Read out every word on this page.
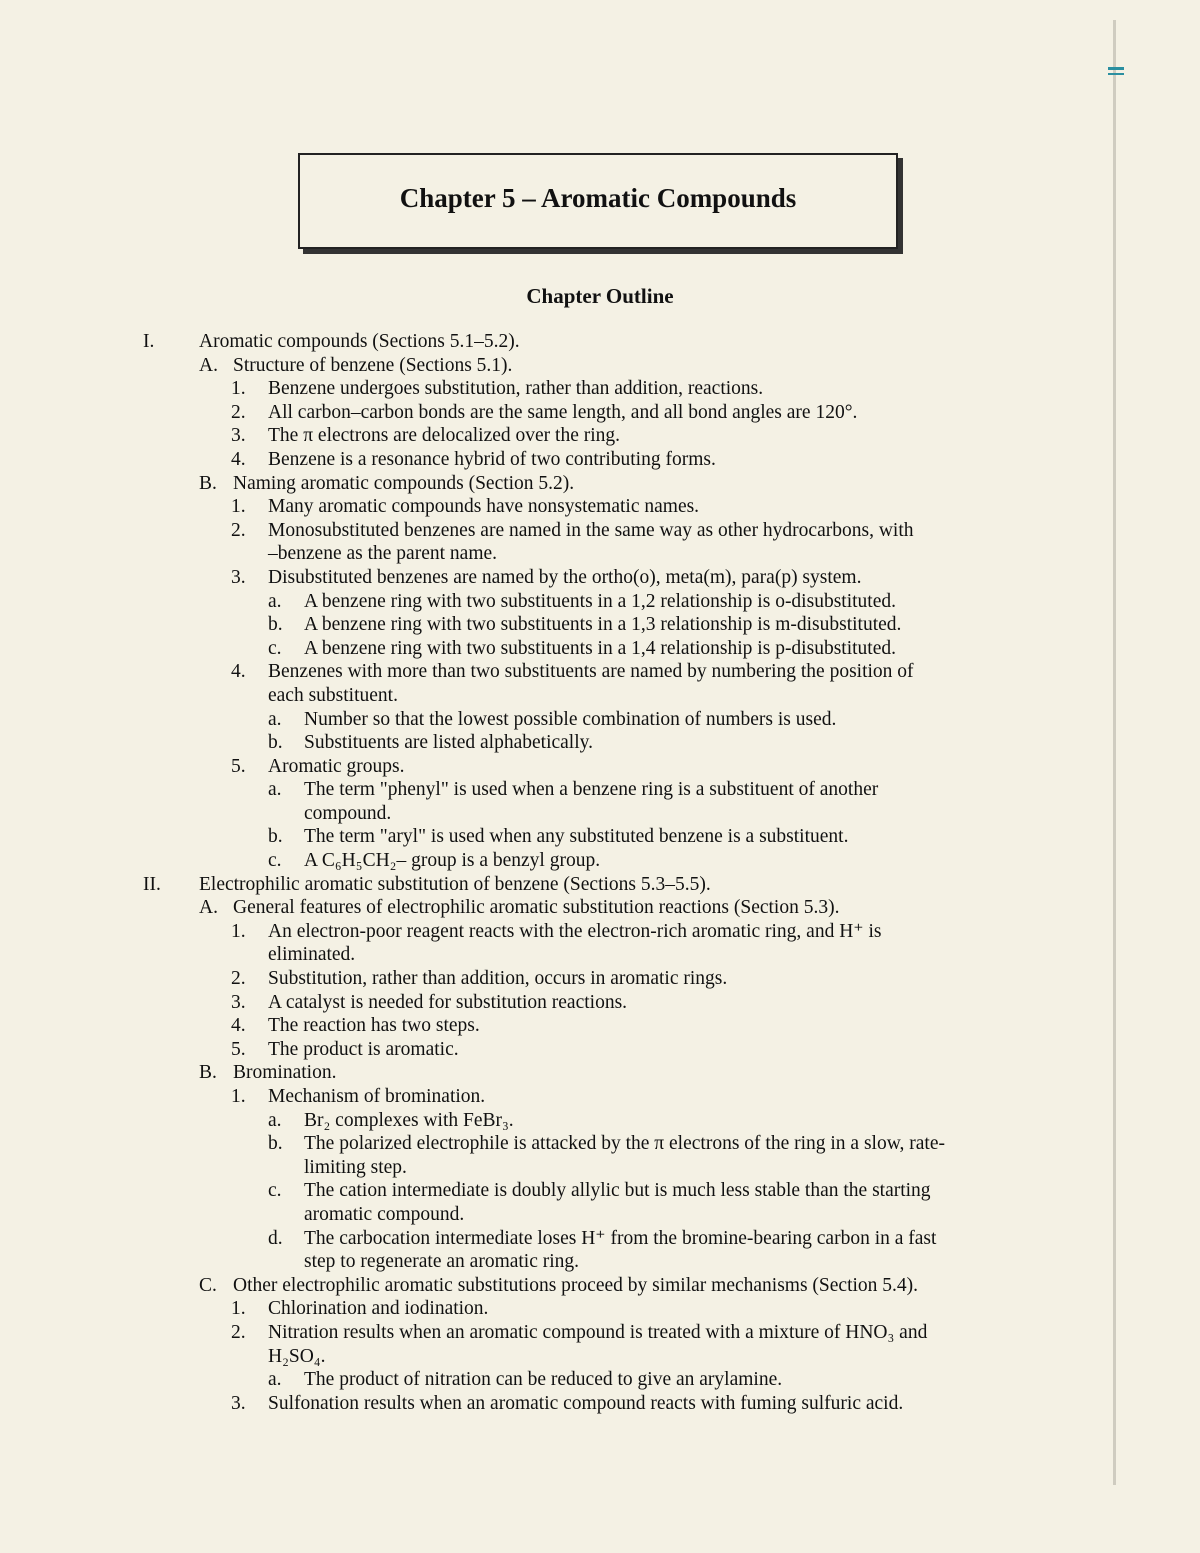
Chapter 5 – Aromatic Compounds
Chapter Outline
I. Aromatic compounds (Sections 5.1–5.2).
A. Structure of benzene (Sections 5.1).
1. Benzene undergoes substitution, rather than addition, reactions.
2. All carbon–carbon bonds are the same length, and all bond angles are 120°.
3. The π electrons are delocalized over the ring.
4. Benzene is a resonance hybrid of two contributing forms.
B. Naming aromatic compounds (Section 5.2).
1. Many aromatic compounds have nonsystematic names.
2. Monosubstituted benzenes are named in the same way as other hydrocarbons, with
–benzene as the parent name.
3. Disubstituted benzenes are named by the ortho(o), meta(m), para(p) system.
a. A benzene ring with two substituents in a 1,2 relationship is o-disubstituted.
b. A benzene ring with two substituents in a 1,3 relationship is m-disubstituted.
c. A benzene ring with two substituents in a 1,4 relationship is p-disubstituted.
4. Benzenes with more than two substituents are named by numbering the position of
each substituent.
a. Number so that the lowest possible combination of numbers is used.
b. Substituents are listed alphabetically.
5. Aromatic groups.
a. The term "phenyl" is used when a benzene ring is a substituent of another
compound.
b. The term "aryl" is used when any substituted benzene is a substituent.
c. A C₆H₅CH₂– group is a benzyl group.
II. Electrophilic aromatic substitution of benzene (Sections 5.3–5.5).
A. General features of electrophilic aromatic substitution reactions (Section 5.3).
1. An electron-poor reagent reacts with the electron-rich aromatic ring, and H⁺ is
eliminated.
2. Substitution, rather than addition, occurs in aromatic rings.
3. A catalyst is needed for substitution reactions.
4. The reaction has two steps.
5. The product is aromatic.
B. Bromination.
1. Mechanism of bromination.
a. Br₂ complexes with FeBr₃.
b. The polarized electrophile is attacked by the π electrons of the ring in a slow, rate-
limiting step.
c. The cation intermediate is doubly allylic but is much less stable than the starting
aromatic compound.
d. The carbocation intermediate loses H⁺ from the bromine-bearing carbon in a fast
step to regenerate an aromatic ring.
C. Other electrophilic aromatic substitutions proceed by similar mechanisms (Section 5.4).
1. Chlorination and iodination.
2. Nitration results when an aromatic compound is treated with a mixture of HNO₃ and
H₂SO₄.
a. The product of nitration can be reduced to give an arylamine.
3. Sulfonation results when an aromatic compound reacts with fuming sulfuric acid.
